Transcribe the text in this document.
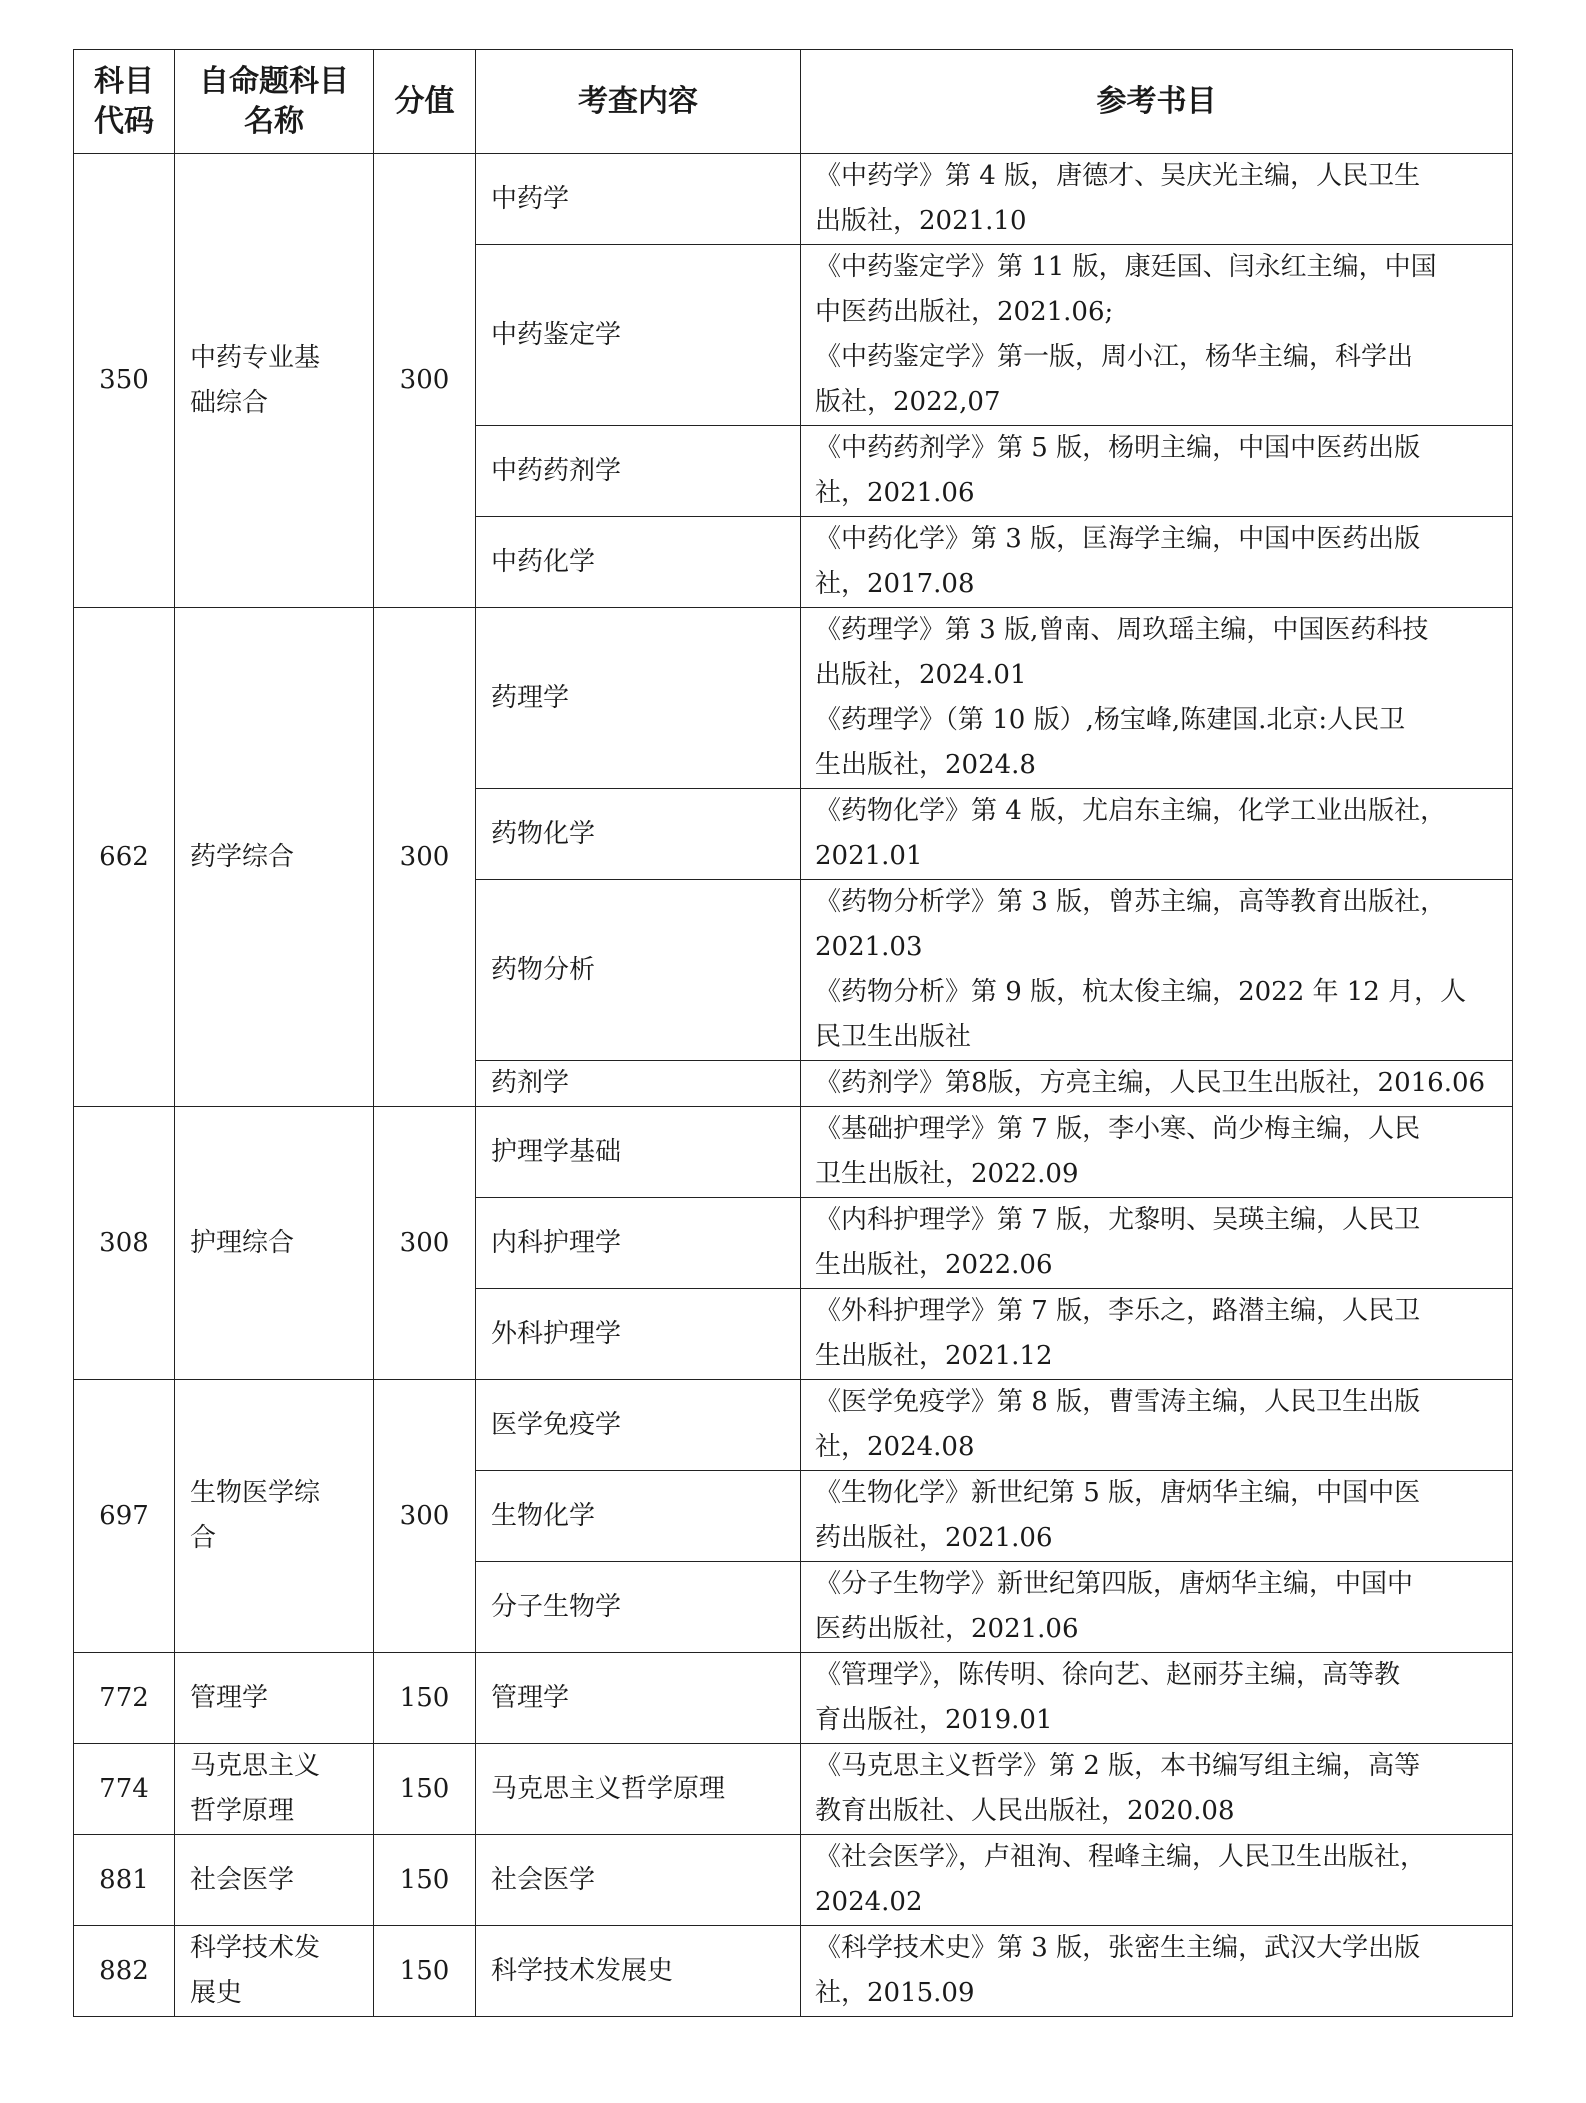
科目
代码	自命题科目
名称	分值	考查内容	参考书目
350	中药专业基
础综合	300	中药学	《中药学》第 4 版，唐德才、吴庆光主编，人民卫生
出版社，2021.10

			中药鉴定学	《中药鉴定学》第 11 版，康廷国、闫永红主编，中国
中医药出版社，2021.06;
《中药鉴定学》第一版，周小江，杨华主编，科学出
版社，2022,07

			中药药剂学	《中药药剂学》第 5 版，杨明主编，中国中医药出版
社，2021.06

			中药化学	《中药化学》第 3 版，匡海学主编，中国中医药出版
社，2017.08

662	药学综合	300	药理学	《药理学》第 3 版,曾南、周玖瑶主编，中国医药科技
出版社，2024.01
《药理学》（第 10 版）,杨宝峰,陈建国.北京:人民卫
生出版社，2024.8

			药物化学	《药物化学》第 4 版，尤启东主编，化学工业出版社，
2021.01

			药物分析	《药物分析学》第 3 版，曾苏主编，高等教育出版社，
2021.03
《药物分析》第 9 版，杭太俊主编，2022 年 12 月，人
民卫生出版社

			药剂学	《药剂学》第8版，方亮主编，人民卫生出版社，2016.06

308	护理综合	300	护理学基础	《基础护理学》第 7 版，李小寒、尚少梅主编，人民
卫生出版社，2022.09

			内科护理学	《内科护理学》第 7 版，尤黎明、吴瑛主编，人民卫
生出版社，2022.06

			外科护理学	《外科护理学》第 7 版，李乐之，路潜主编，人民卫
生出版社，2021.12

697	生物医学综
合	300	医学免疫学	《医学免疫学》第 8 版，曹雪涛主编，人民卫生出版
社，2024.08

			生物化学	《生物化学》新世纪第 5 版，唐炳华主编，中国中医
药出版社，2021.06

			分子生物学	《分子生物学》新世纪第四版，唐炳华主编，中国中
医药出版社，2021.06

772	管理学	150	管理学	《管理学》，陈传明、徐向艺、赵丽芬主编，高等教
育出版社，2019.01

774	马克思主义
哲学原理	150	马克思主义哲学原理	《马克思主义哲学》第 2 版，本书编写组主编，高等
教育出版社、人民出版社，2020.08

881	社会医学	150	社会医学	《社会医学》，卢祖洵、程峰主编，人民卫生出版社，
2024.02

882	科学技术发
展史	150	科学技术发展史	《科学技术史》第 3 版，张密生主编，武汉大学出版
社，2015.09
